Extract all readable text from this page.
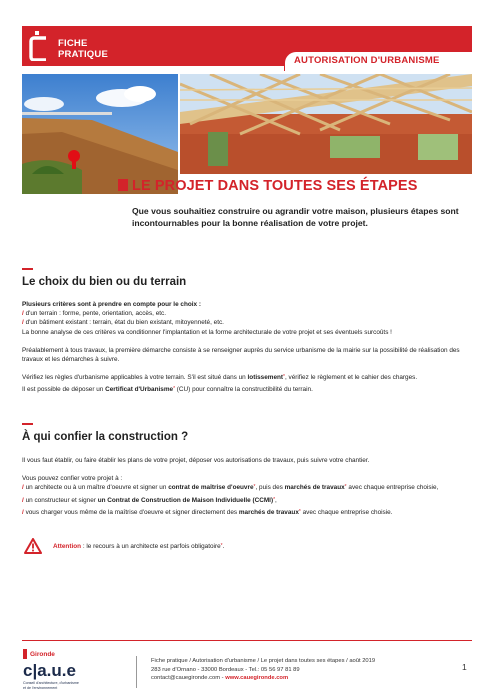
FICHE
PRATIQUE
AUTORISATION D'URBANISME
LE PROJET DANS TOUTES SES ÉTAPES
Que vous souhaitiez construire ou agrandir votre maison, plusieurs étapes sont incontournables pour la bonne réalisation de votre projet.
Le choix du bien ou du terrain

Plusieurs critères sont à prendre en compte pour le choix :

/ d'un terrain : forme, pente, orientation, accès, etc.

/ d'un bâtiment existant : terrain, état du bien existant, mitoyenneté, etc.

La bonne analyse de ces critères va conditionner l'implantation et la forme architecturale de votre projet et ses éventuels surcoûts !

Préalablement à tous travaux, la première démarche consiste à se renseigner auprès du service urbanisme de la mairie sur la possibilité de réalisation des travaux et les démarches à suivre.

Vérifiez les règles d'urbanisme applicables à votre terrain. S'il est situé dans un lotissement*, vérifiez le règlement et le cahier des charges.

Il est possible de déposer un Certificat d'Urbanisme* (CU) pour connaître la constructibilité du terrain.

À qui confier la construction ?

Il vous faut établir, ou faire établir les plans de votre projet, déposer vos autorisations de travaux, puis suivre votre chantier.

Vous pouvez confier votre projet à :

/ un architecte ou à un maître d'oeuvre et signer un contrat de maîtrise d'oeuvre*, puis des marchés de travaux* avec chaque entreprise choisie,

/ un constructeur et signer un Contrat de Construction de Maison Individuelle (CCMI)*,

/ vous charger vous même de la maîtrise d'oeuvre et signer directement des marchés de travaux* avec chaque entreprise choisie.

Attention : le recours à un architecte est parfois obligatoire*.
Gironde
c|a.u.e
Conseil d'architecture, d'urbanisme
et de l'environnement
Fiche pratique / Autorisation d'urbanisme / Le projet dans toutes ses étapes / août 2019
283 rue d'Ornano - 33000 Bordeaux - Tel.: 05 56 97 81 89
contact@cauegironde.com - www.cauegironde.com
1
